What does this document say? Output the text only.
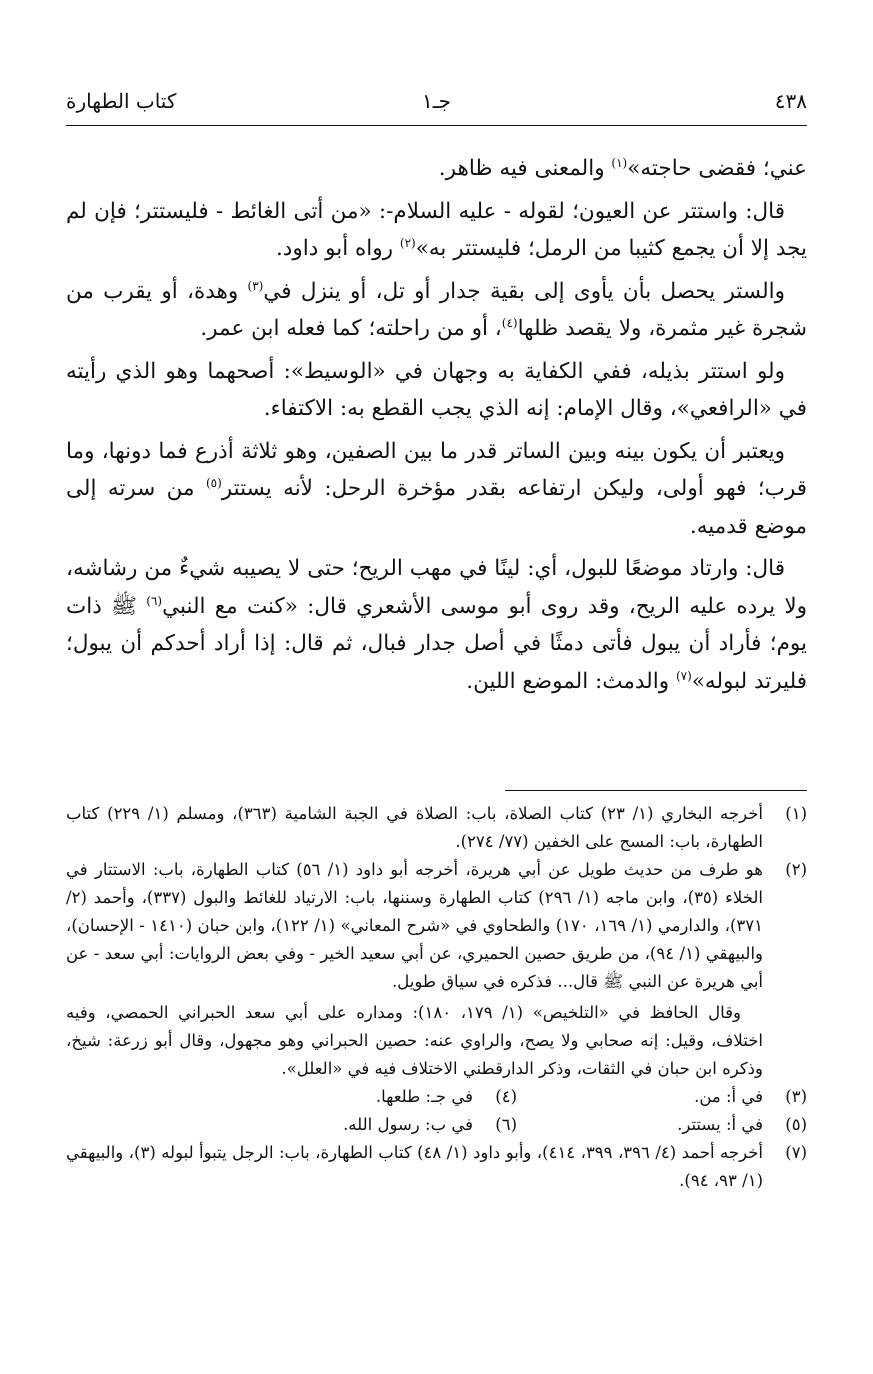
٤٣٨
جـ١
كتاب الطهارة

عني؛ فقضى حاجته»$^{(١)}$ والمعنى فيه ظاهر.

قال: واستتر عن العيون؛ لقوله - عليه السلام-: «من أتى الغائط - فليستتر؛ فإن لم يجد إلا أن يجمع كثيبا من الرمل؛ فليستتر به»$^{(٢)}$ رواه أبو داود.

والستر يحصل بأن يأوى إلى بقية جدار أو تل، أو ينزل في$^{(٣)}$ وهدة، أو يقرب من شجرة غير مثمرة، ولا يقصد ظلها$^{(٤)}$، أو من راحلته؛ كما فعله ابن عمر.

ولو استتر بذيله، ففي الكفاية به وجهان في «الوسيط»: أصحهما وهو الذي رأيته في «الرافعي»، وقال الإمام: إنه الذي يجب القطع به: الاكتفاء.

ويعتبر أن يكون بينه وبين الساتر قدر ما بين الصفين، وهو ثلاثة أذرع فما دونها، وما قرب؛ فهو أولى، وليكن ارتفاعه بقدر مؤخرة الرحل: لأنه يستتر$^{(٥)}$ من سرته إلى موضع قدميه.

قال: وارتاد موضعًا للبول، أي: لينًا في مهب الريح؛ حتى لا يصيبه شيءٌ من رشاشه، ولا يرده عليه الريح، وقد روى أبو موسى الأشعري قال: «كنت مع النبي$^{(٦)}$ ﷺ ذات يوم؛ فأراد أن يبول فأتى دمثًا في أصل جدار فبال، ثم قال: إذا أراد أحدكم أن يبول؛ فليرتد لبوله»$^{(٧)}$ والدمث: الموضع اللين.

(١)
أخرجه البخاري (١/ ٢٣) كتاب الصلاة، باب: الصلاة في الجبة الشامية (٣٦٣)، ومسلم (١/ ٢٢٩) كتاب الطهارة، باب: المسح على الخفين (٧٧/ ٢٧٤).
(٢)

هو طرف من حديث طويل عن أبي هريرة، أخرجه أبو داود (١/ ٥٦) كتاب الطهارة، باب: الاستتار في الخلاء (٣٥)، وابن ماجه (١/ ٢٩٦) كتاب الطهارة وسننها، باب: الارتياد للغائط والبول (٣٣٧)، وأحمد (٢/ ٣٧١)، والدارمي (١/ ١٦٩، ١٧٠) والطحاوي في «شرح المعاني» (١/ ١٢٢)، وابن حبان (١٤١٠ - الإحسان)، والبيهقي (١/ ٩٤)، من طريق حصين الحميري، عن أبي سعيد الخير - وفي بعض الروايات: أبي سعد - عن أبي هريرة عن النبي ﷺ قال... فذكره في سياق طويل.

وقال الحافظ في «التلخيص» (١/ ١٧٩، ١٨٠): ومداره على أبي سعد الحبراني الحمصي، وفيه اختلاف، وقيل: إنه صحابي ولا يصح، والراوي عنه: حصين الحبراني وهو مجهول، وقال أبو زرعة: شيخ، وذكره ابن حبان في الثقات، وذكر الدارقطني الاختلاف فيه في «العلل».

(٣)
في أ: من.
(٤)
في جـ: طلعها.
(٥)
في أ: يستتر.
(٦)
في ب: رسول الله.
(٧)
أخرجه أحمد (٤/ ٣٩٦، ٣٩٩، ٤١٤)، وأبو داود (١/ ٤٨) كتاب الطهارة، باب: الرجل يتبوأ لبوله (٣)، والبيهقي (١/ ٩٣، ٩٤).
